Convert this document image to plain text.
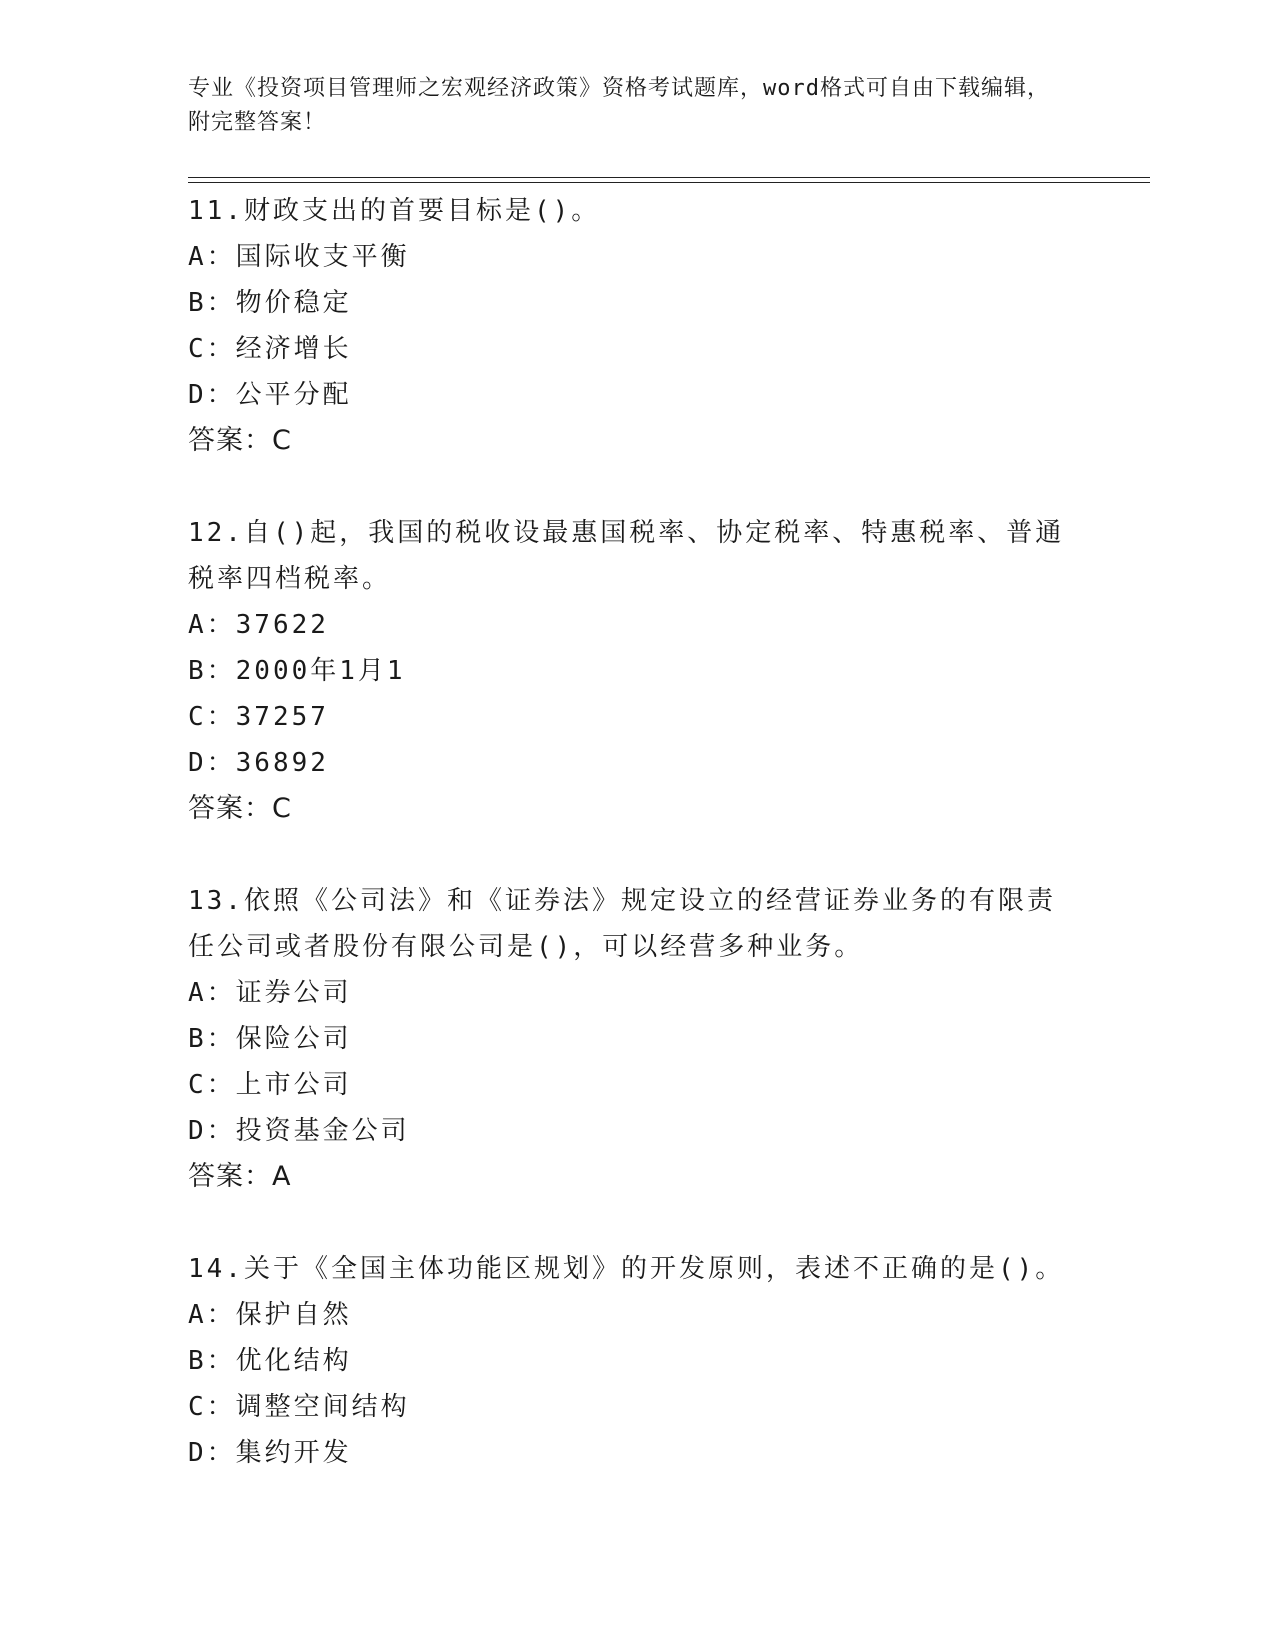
专业《投资项目管理师之宏观经济政策》资格考试题库，word格式可自由下载编辑，附完整答案！
11.财政支出的首要目标是()。
A：国际收支平衡
B：物价稳定
C：经济增长
D：公平分配
答案：C
12.自()起，我国的税收设最惠国税率、协定税率、特惠税率、普通税率四档税率。
A：37622
B：2000年1月1
C：37257
D：36892
答案：C
13.依照《公司法》和《证券法》规定设立的经营证券业务的有限责任公司或者股份有限公司是()，可以经营多种业务。
A：证券公司
B：保险公司
C：上市公司
D：投资基金公司
答案：A
14.关于《全国主体功能区规划》的开发原则，表述不正确的是()。
A：保护自然
B：优化结构
C：调整空间结构
D：集约开发
